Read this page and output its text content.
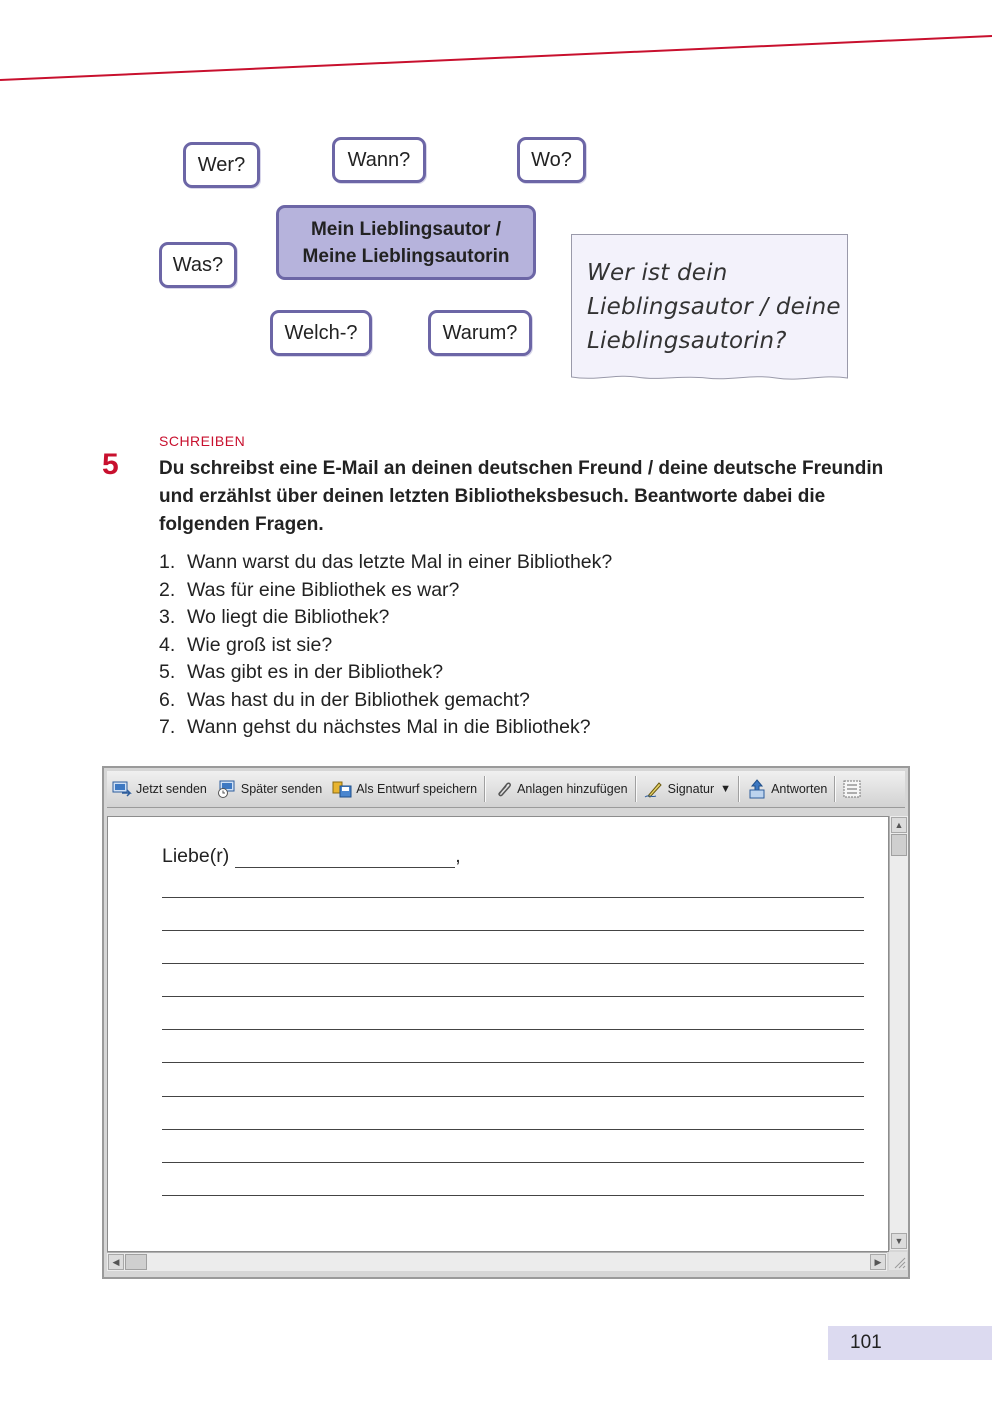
Wer?	Wann?	Wo?
Was?
Welch-?	Warum?
Mein Lieblingsautor /
Meine Lieblingsautorin
Wer ist dein
Lieblingsautor / deine
Lieblingsautorin?
SCHREIBEN
5 Du schreibst eine E-Mail an deinen deutschen Freund / deine deutsche Freundin und erzählst über deinen letzten Bibliotheksbesuch. Beantworte dabei die folgenden Fragen.
1. Wann warst du das letzte Mal in einer Bibliothek?
2. Was für eine Bibliothek es war?
3. Wo liegt die Bibliothek?
4. Wie groß ist sie?
5. Was gibt es in der Bibliothek?
6. Was hast du in der Bibliothek gemacht?
7. Wann gehst du nächstes Mal in die Bibliothek?
Jetzt senden	Später senden	Als Entwurf speichern	Anlagen hinzufügen	Signatur ▼	Antworten
Liebe(r)	,
▲
▼
◀	▶
101
